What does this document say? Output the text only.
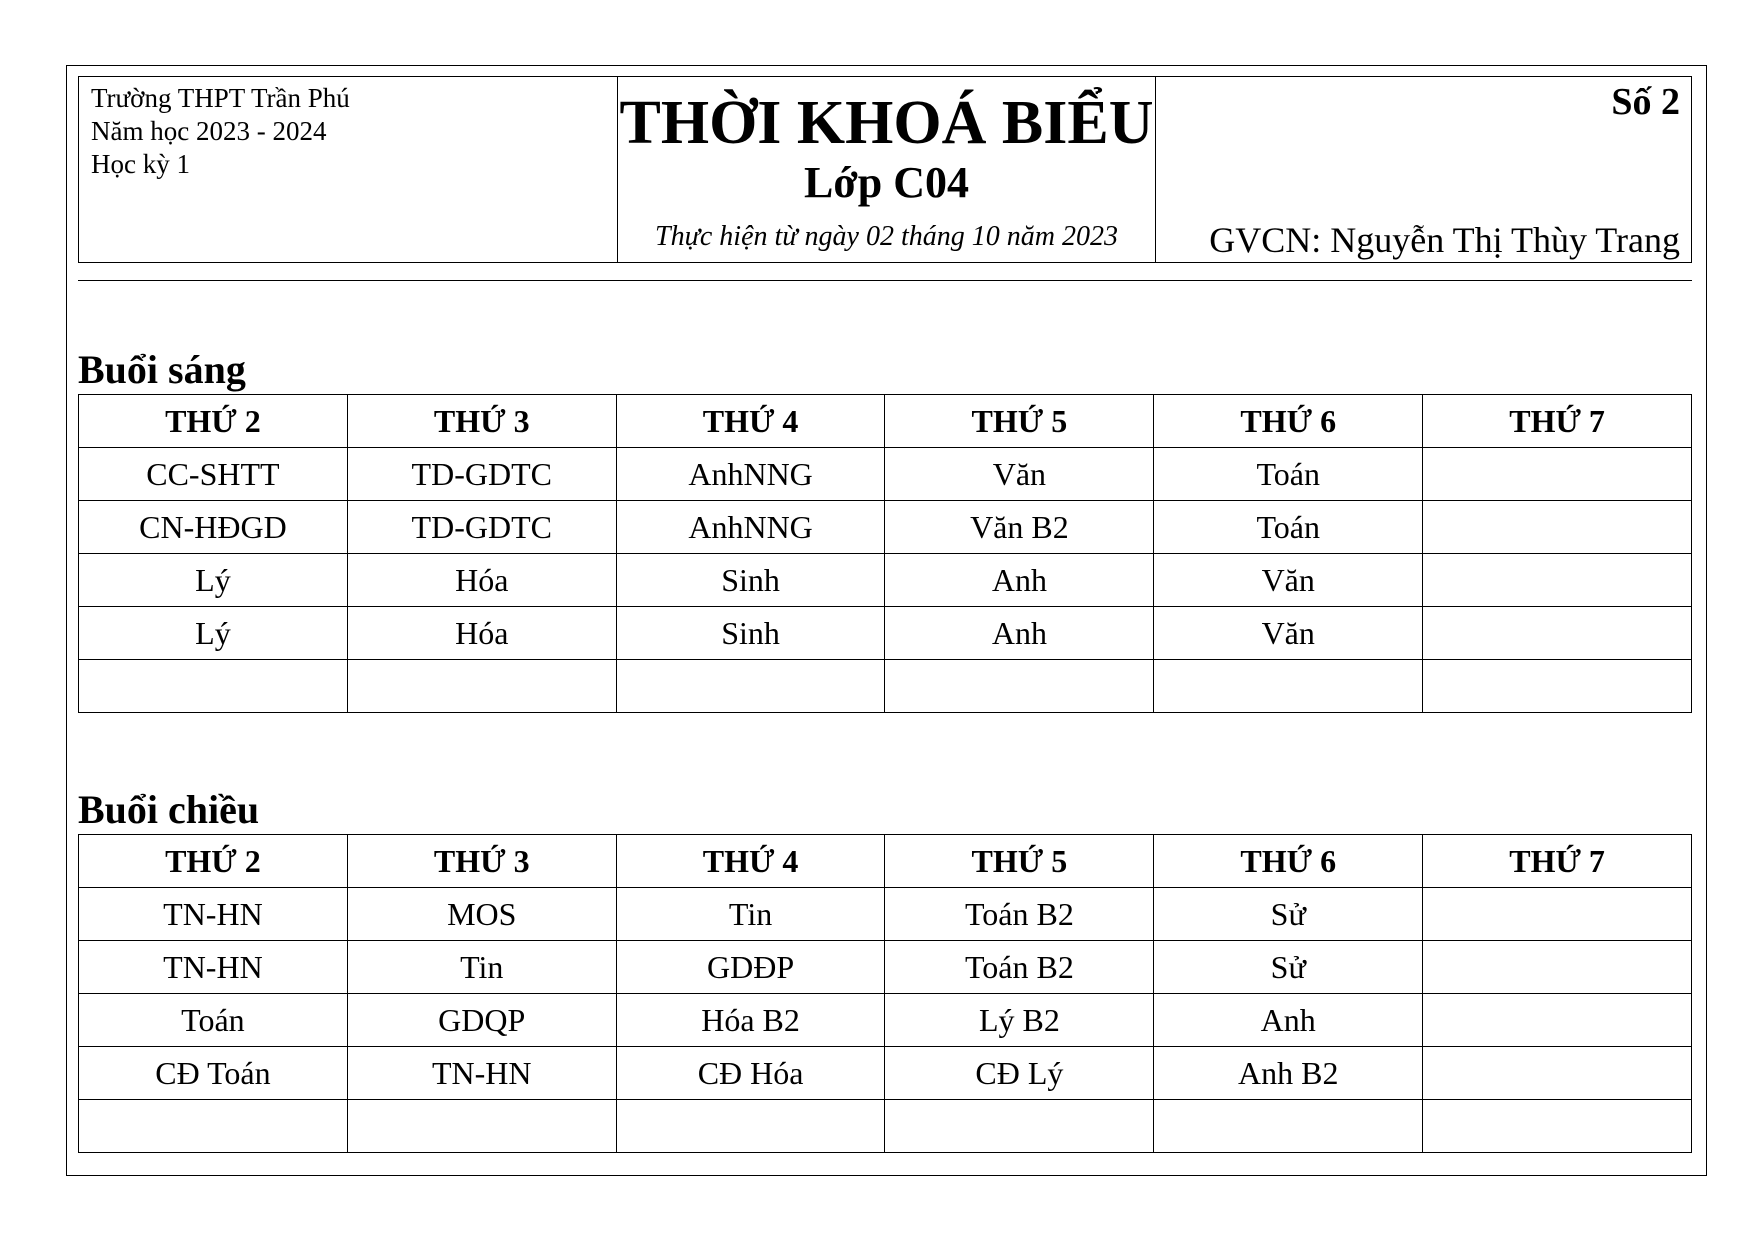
Trường THPT Trần Phú
Năm học 2023 - 2024
Học kỳ 1
THỜI KHOÁ BIỂU
Lớp C04
Thực hiện từ ngày 02 tháng 10 năm 2023
Số 2
GVCN: Nguyễn Thị Thùy Trang
Buổi sáng
THỨ 2	THỨ 3	THỨ 4	THỨ 5	THỨ 6	THỨ 7
CC-SHTT	TD-GDTC	AnhNNG	Văn	Toán	
CN-HĐGD	TD-GDTC	AnhNNG	Văn B2	Toán	
Lý	Hóa	Sinh	Anh	Văn	
Lý	Hóa	Sinh	Anh	Văn	

Buổi chiều
THỨ 2	THỨ 3	THỨ 4	THỨ 5	THỨ 6	THỨ 7
TN-HN	MOS	Tin	Toán B2	Sử	
TN-HN	Tin	GDĐP	Toán B2	Sử	
Toán	GDQP	Hóa B2	Lý B2	Anh	
CĐ Toán	TN-HN	CĐ Hóa	CĐ Lý	Anh B2	
